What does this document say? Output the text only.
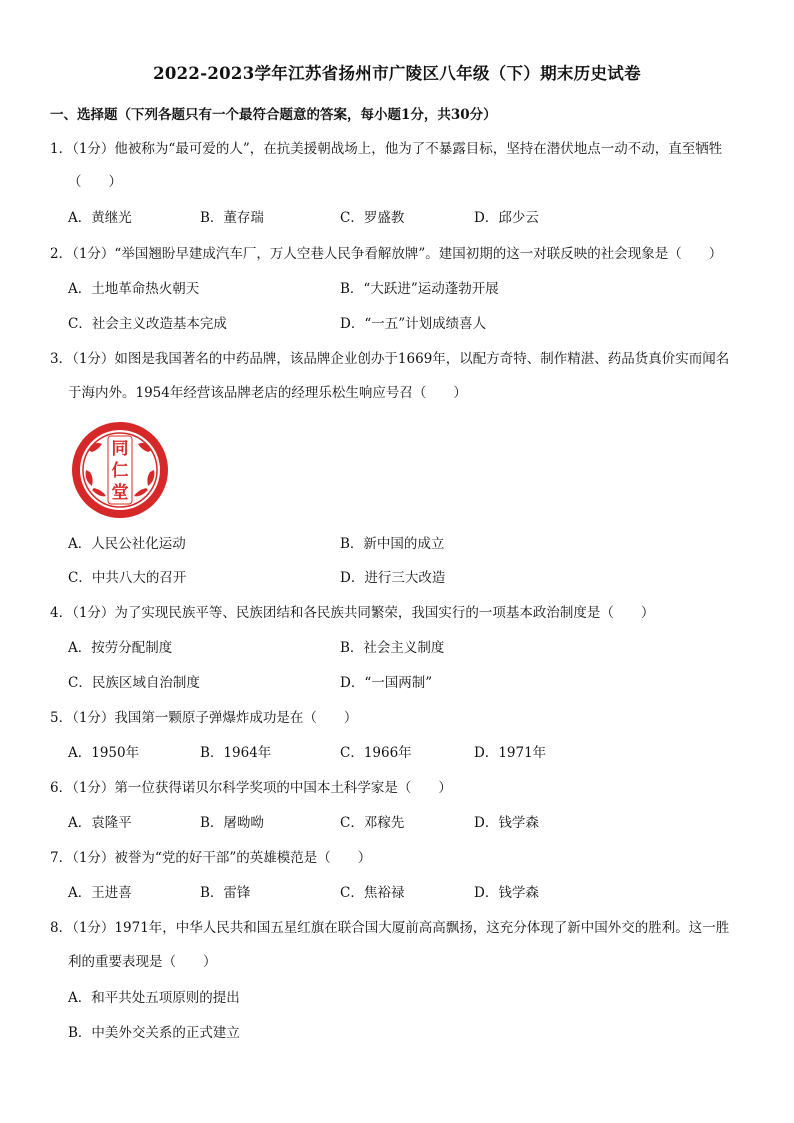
2022-2023学年江苏省扬州市广陵区八年级（下）期末历史试卷
一、选择题（下列各题只有一个最符合题意的答案，每小题1分，共30分）
1．（1分）他被称为“最可爱的人”，在抗美援朝战场上，他为了不暴露目标，坚持在潜伏地点一动不动，直至牺牲
（　　）
A．黄继光	B．董存瑞	C．罗盛教	D．邱少云
2．（1分）“举国翘盼早建成汽车厂，万人空巷人民争看解放牌”。建国初期的这一对联反映的社会现象是（　　）
A．土地革命热火朝天	B．“大跃进”运动蓬勃开展
C．社会主义改造基本完成	D．“一五”计划成绩喜人
3．（1分）如图是我国著名的中药品牌，该品牌企业创办于1669年，以配方奇特、制作精湛、药品货真价实而闻名
于海内外。1954年经营该品牌老店的经理乐松生响应号召（　　）
同
仁
堂
A．人民公社化运动	B．新中国的成立
C．中共八大的召开	D．进行三大改造
4．（1分）为了实现民族平等、民族团结和各民族共同繁荣，我国实行的一项基本政治制度是（　　）
A．按劳分配制度	B．社会主义制度
C．民族区域自治制度	D．“一国两制”
5．（1分）我国第一颗原子弹爆炸成功是在（　　）
A．1950年	B．1964年	C．1966年	D．1971年
6．（1分）第一位获得诺贝尔科学奖项的中国本土科学家是（　　）
A．袁隆平	B．屠呦呦	C．邓稼先	D．钱学森
7．（1分）被誉为“党的好干部”的英雄模范是（　　）
A．王进喜	B．雷锋	C．焦裕禄	D．钱学森
8．（1分）1971年，中华人民共和国五星红旗在联合国大厦前高高飘扬，这充分体现了新中国外交的胜利。这一胜
利的重要表现是（　　）
A．和平共处五项原则的提出
B．中美外交关系的正式建立
